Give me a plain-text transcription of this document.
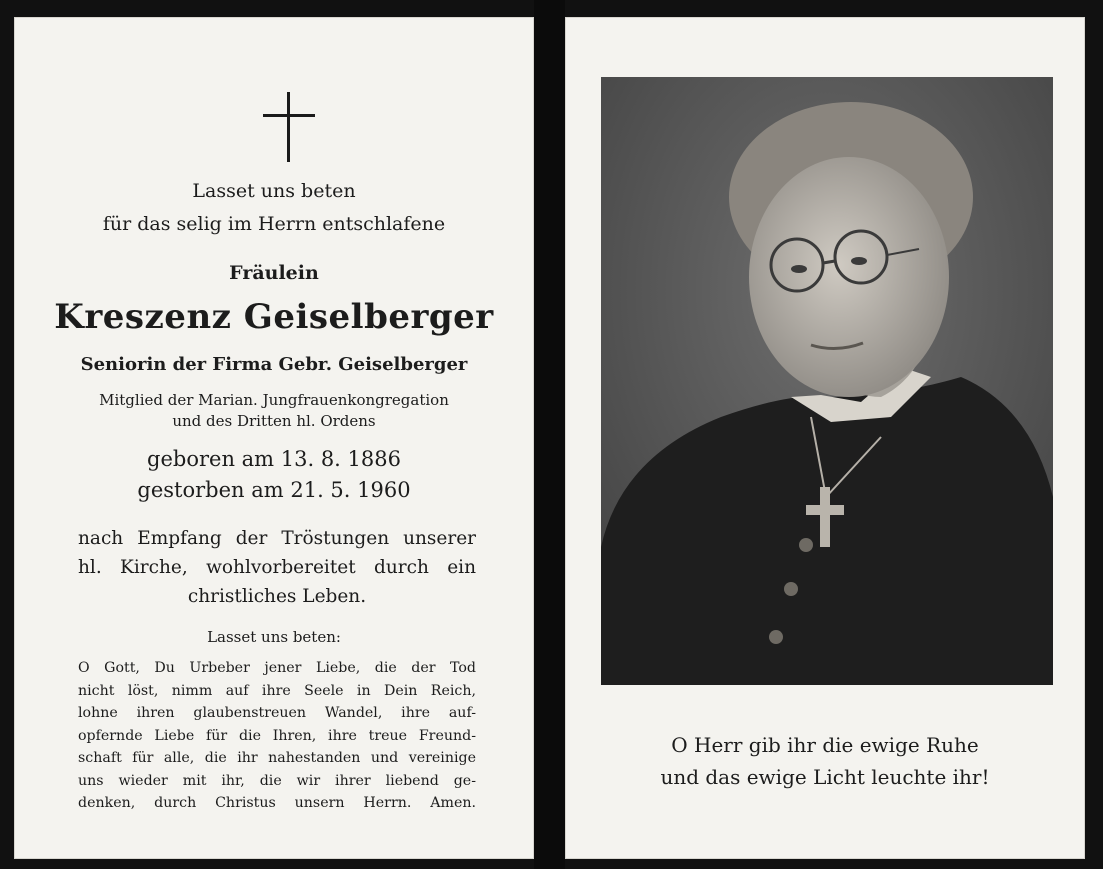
Lasset uns beten
für das selig im Herrn entschlafene
Fräulein
Kreszenz Geiselberger
Seniorin der Firma Gebr. Geiselberger
Mitglied der Marian. Jungfrauenkongregation
und des Dritten hl. Ordens
geboren am 13. 8. 1886
gestorben am 21. 5. 1960
nach Empfang der Tröstungen unserer
hl. Kirche, wohlvorbereitet durch ein
christliches Leben.
Lasset uns beten:
O Gott, Du Urbeber jener Liebe, die der Tod
nicht löst, nimm auf ihre Seele in Dein Reich,
lohne ihren glaubenstreuen Wandel, ihre auf-
opfernde Liebe für die Ihren, ihre treue Freund-
schaft für alle, die ihr nahestanden und vereinige
uns wieder mit ihr, die wir ihrer liebend ge-
denken, durch Christus unsern Herrn. Amen.
O Herr gib ihr die ewige Ruhe
und das ewige Licht leuchte ihr!
